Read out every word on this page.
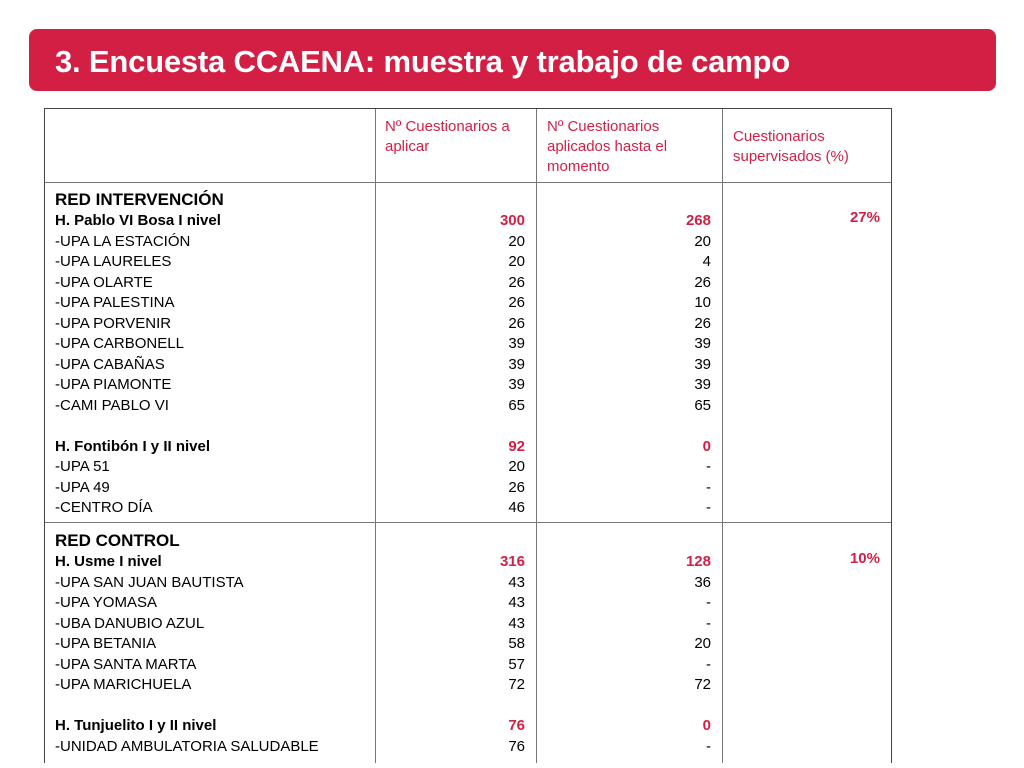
3. Encuesta CCAENA: muestra y trabajo de campo
Nº Cuestionarios a aplicar
Nº Cuestionarios aplicados hasta el momento
Cuestionarios supervisados (%)
RED INTERVENCIÓN
H. Pablo VI Bosa I nivel
-UPA LA ESTACIÓN
-UPA LAURELES
-UPA OLARTE
-UPA PALESTINA
-UPA PORVENIR
-UPA CARBONELL
-UPA CABAÑAS
-UPA PIAMONTE
-CAMI PABLO VI
H. Fontibón I y II nivel
-UPA 51
-UPA 49
-CENTRO DÍA
300
20
20
26
26
26
39
39
39
65
92
20
26
46
268
20
4
26
10
26
39
39
39
65
0
-
-
-
27%
RED CONTROL
H. Usme I nivel
-UPA SAN JUAN BAUTISTA
-UPA YOMASA
-UBA DANUBIO AZUL
-UPA BETANIA
-UPA SANTA MARTA
-UPA MARICHUELA
H. Tunjuelito I y II nivel
-UNIDAD AMBULATORIA SALUDABLE
316
43
43
43
58
57
72
76
76
128
36
-
-
20
-
72
0
-
10%
